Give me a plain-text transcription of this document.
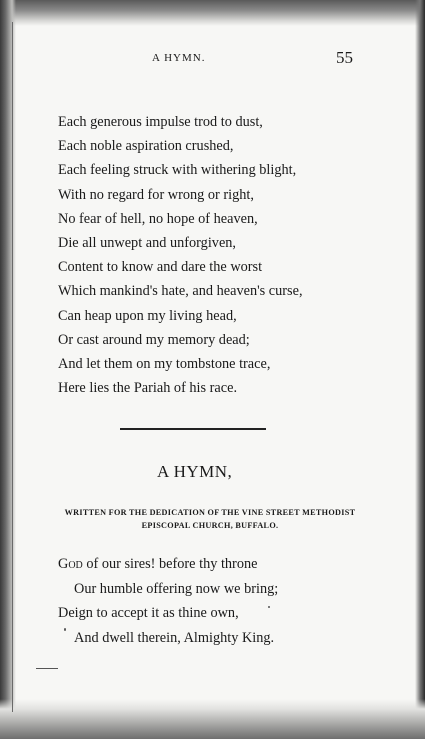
A HYMN.	55
Each generous impulse trod to dust,
Each noble aspiration crushed,
Each feeling struck with withering blight,
With no regard for wrong or right,
No fear of hell, no hope of heaven,
Die all unwept and unforgiven,
Content to know and dare the worst
Which mankind's hate, and heaven's curse,
Can heap upon my living head,
Or cast around my memory dead;
And let them on my tombstone trace,
Here lies the Pariah of his race.
A HYMN,
WRITTEN FOR THE DEDICATION OF THE VINE STREET METHODIST
EPISCOPAL CHURCH, BUFFALO.
God of our sires! before thy throne
Our humble offering now we bring;
Deign to accept it as thine own,
And dwell therein, Almighty King.
